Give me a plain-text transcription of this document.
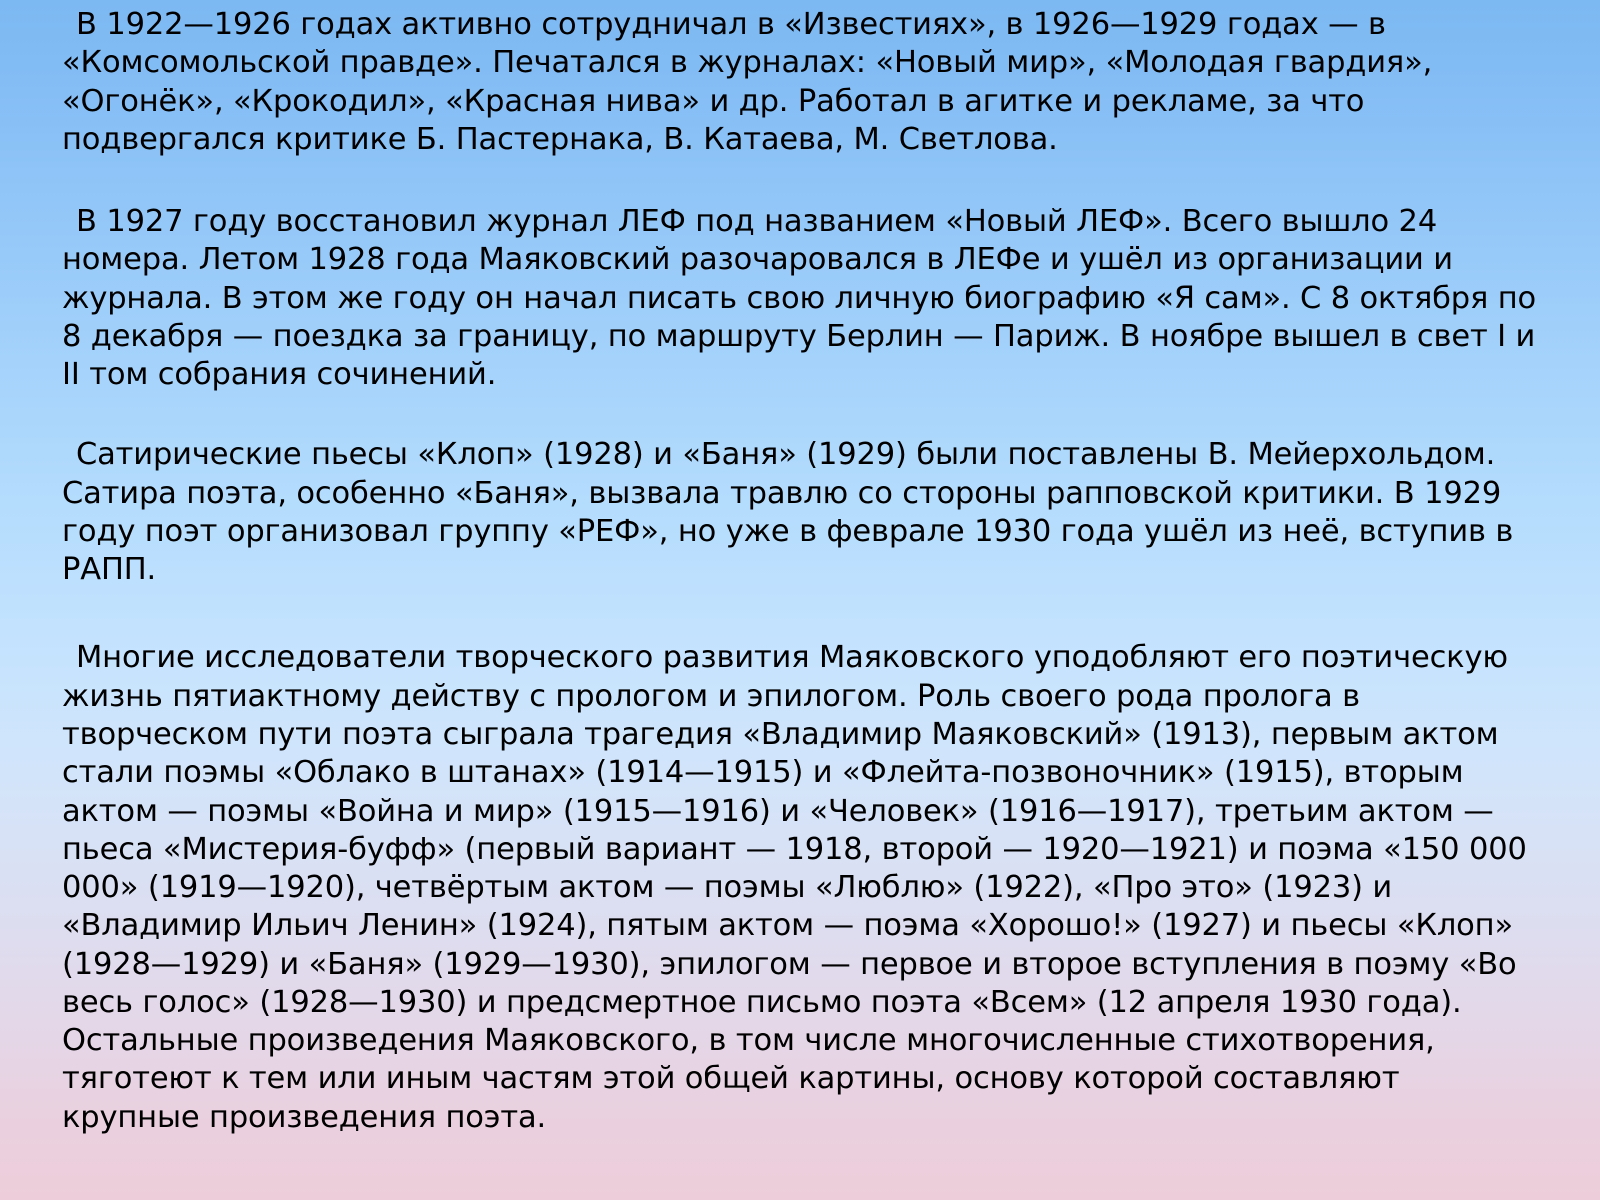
В 1922—1926 годах активно сотрудничал в «Известиях», в 1926—1929 годах — в «Комсомольской правде». Печатался в журналах: «Новый мир», «Молодая гвардия», «Огонёк», «Крокодил», «Красная нива» и др. Работал в агитке и рекламе, за что подвергался критике Б. Пастернака, В. Катаева, М. Светлова.

В 1927 году восстановил журнал ЛЕФ под названием «Новый ЛЕФ». Всего вышло 24 номера. Летом 1928 года Маяковский разочаровался в ЛЕФе и ушёл из организации и журнала. В этом же году он начал писать свою личную биографию «Я сам». С 8 октября по 8 декабря — поездка за границу, по маршруту Берлин — Париж. В ноябре вышел в свет I и II том собрания сочинений.

Сатирические пьесы «Клоп» (1928) и «Баня» (1929) были поставлены В. Мейерхольдом. Сатира поэта, особенно «Баня», вызвала травлю со стороны рапповской критики. В 1929 году поэт организовал группу «РЕФ», но уже в феврале 1930 года ушёл из неё, вступив в РАПП.

Многие исследователи творческого развития Маяковского уподобляют его поэтическую жизнь пятиактному действу с прологом и эпилогом. Роль своего рода пролога в творческом пути поэта сыграла трагедия «Владимир Маяковский» (1913), первым актом стали поэмы «Облако в штанах» (1914—1915) и «Флейта-позвоночник» (1915), вторым актом — поэмы «Война и мир» (1915—1916) и «Человек» (1916—1917), третьим актом — пьеса «Мистерия-буфф» (первый вариант — 1918, второй — 1920—1921) и поэма «150 000 000» (1919—1920), четвёртым актом — поэмы «Люблю» (1922), «Про это» (1923) и «Владимир Ильич Ленин» (1924), пятым актом — поэма «Хорошо!» (1927) и пьесы «Клоп» (1928—1929) и «Баня» (1929—1930), эпилогом — первое и второе вступления в поэму «Во весь голос» (1928—1930) и предсмертное письмо поэта «Всем» (12 апреля 1930 года). Остальные произведения Маяковского, в том числе многочисленные стихотворения, тяготеют к тем или иным частям этой общей картины, основу которой составляют крупные произведения поэта.
